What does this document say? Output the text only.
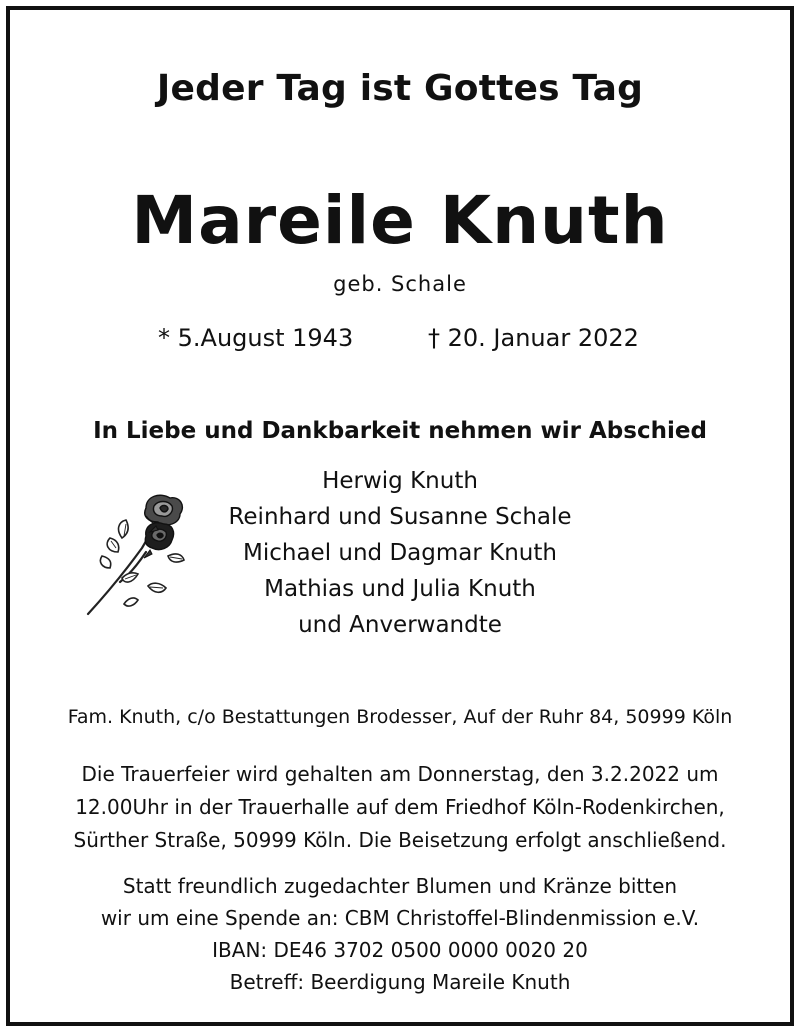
Jeder Tag ist Gottes Tag
Mareile Knuth
geb. Schale
* 5.August 1943	† 20. Januar 2022
In Liebe und Dankbarkeit nehmen wir Abschied
Herwig Knuth
Reinhard und Susanne Schale
Michael und Dagmar Knuth
Mathias und Julia Knuth
und Anverwandte
Fam. Knuth, c/o Bestattungen Brodesser, Auf der Ruhr 84, 50999 Köln
Die Trauerfeier wird gehalten am Donnerstag, den 3.2.2022 um
12.00Uhr in der Trauerhalle auf dem Friedhof Köln-Rodenkirchen,
Sürther Straße, 50999 Köln. Die Beisetzung erfolgt anschließend.
Statt freundlich zugedachter Blumen und Kränze bitten
wir um eine Spende an: CBM Christoffel-Blindenmission e.V.
IBAN: DE46 3702 0500 0000 0020 20
Betreff: Beerdigung Mareile Knuth
